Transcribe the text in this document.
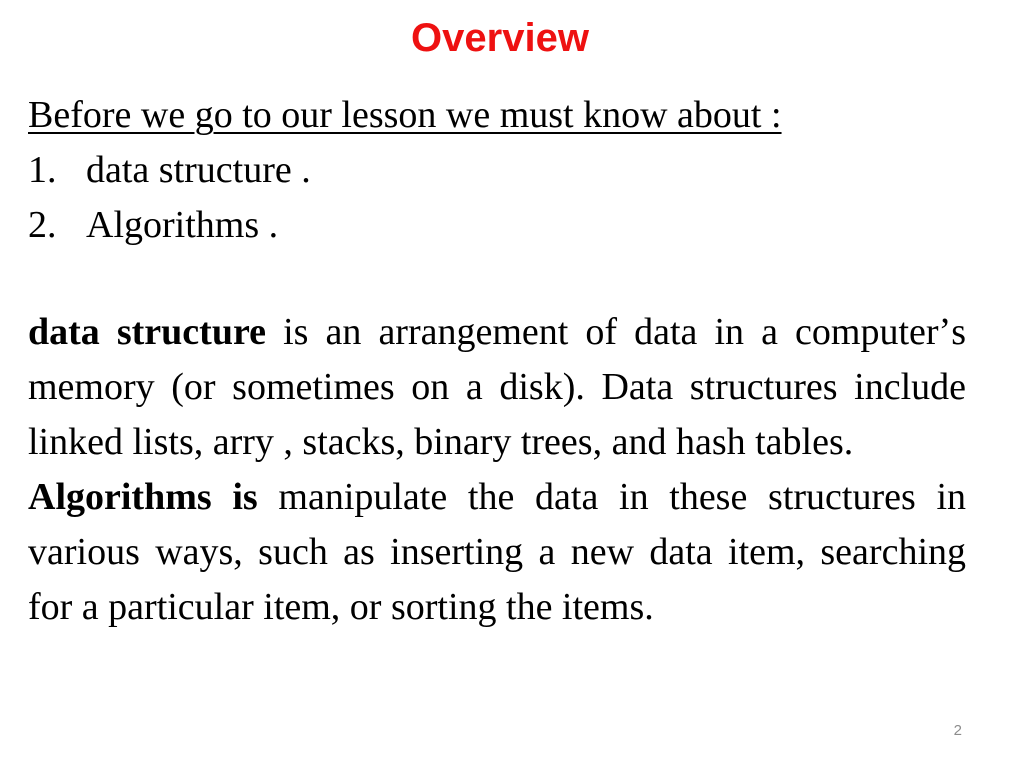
Overview
Before we go to our lesson we must know about :
1. data structure .
2. Algorithms .
data structure is an arrangement of data in a computerʼs memory (or sometimes on a disk). Data structures include linked lists, arry , stacks, binary trees, and hash tables.
Algorithms is manipulate the data in these structures in various ways, such as inserting a new data item, searching for a particular item, or sorting the items.
2
